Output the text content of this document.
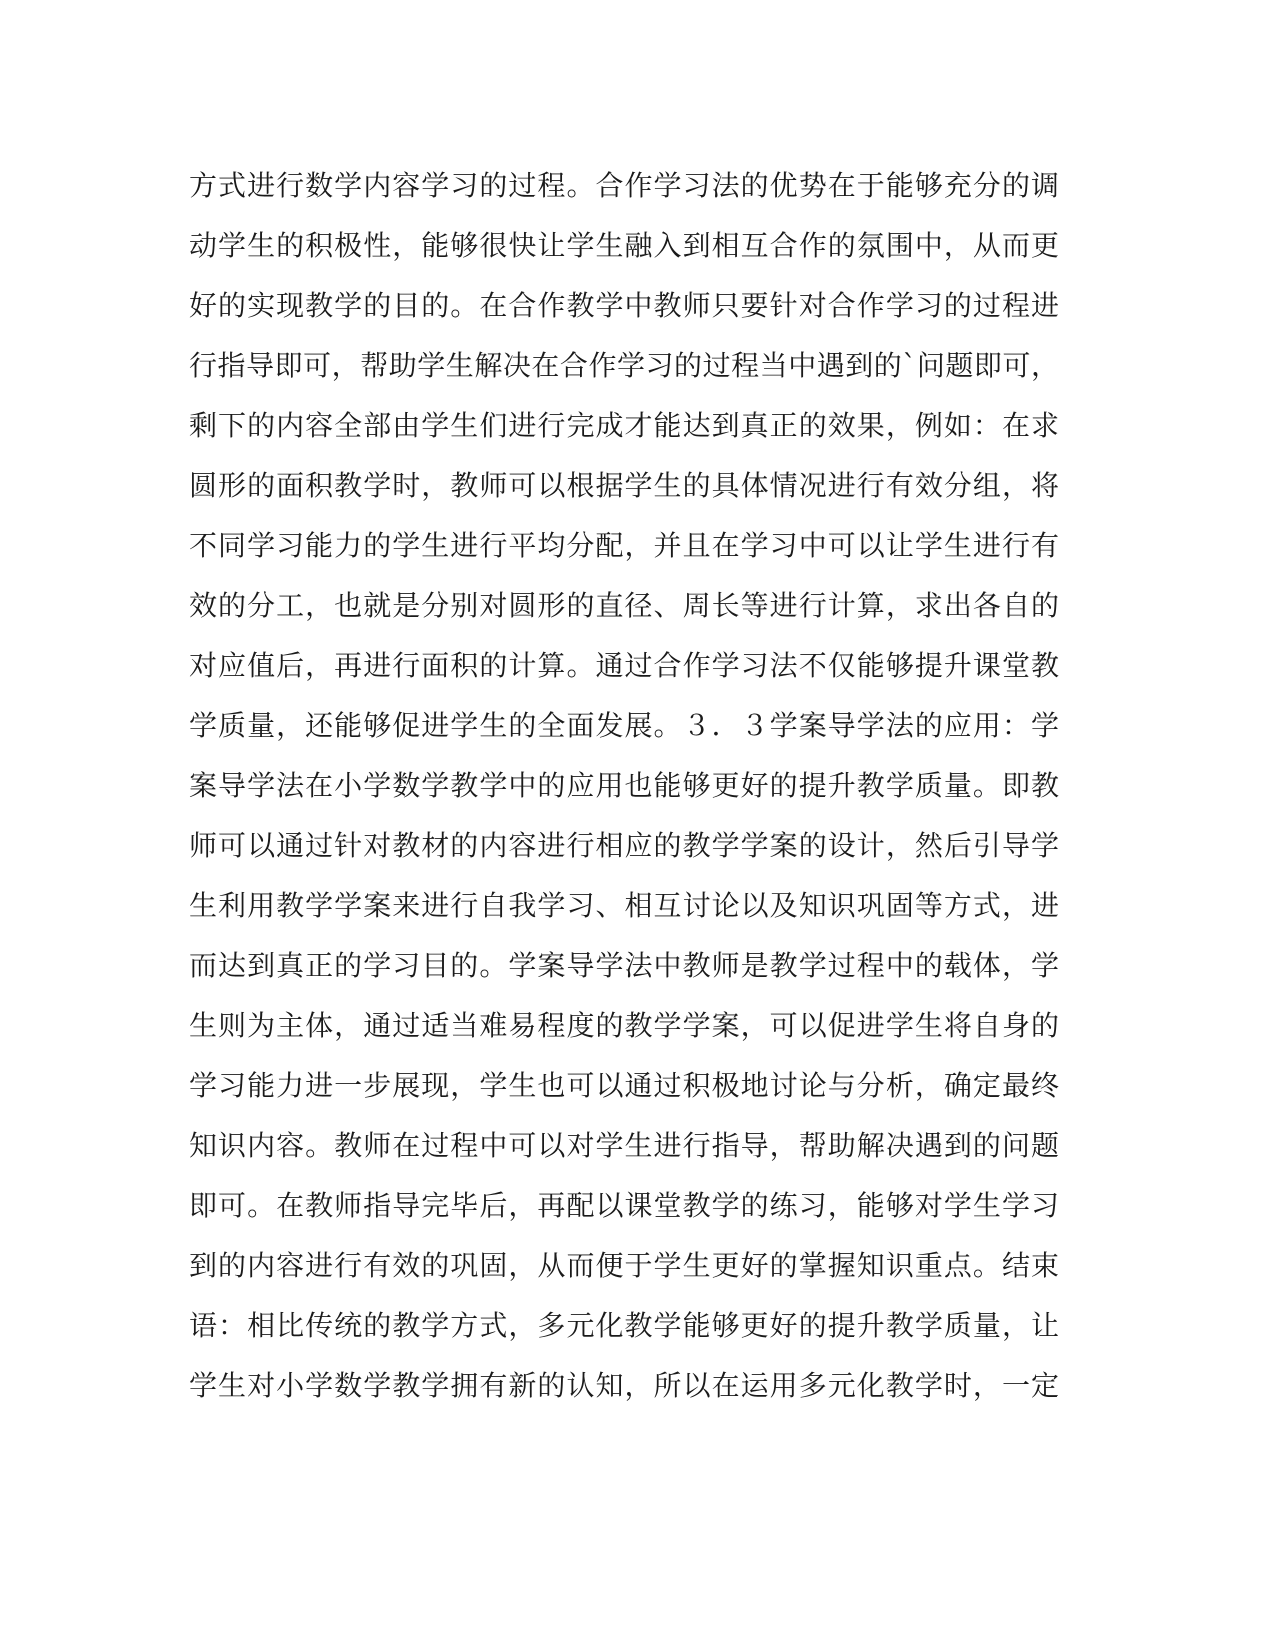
方式进行数学内容学习的过程。合作学习法的优势在于能够充分的调
动学生的积极性，能够很快让学生融入到相互合作的氛围中，从而更
好的实现教学的目的。在合作教学中教师只要针对合作学习的过程进
行指导即可，帮助学生解决在合作学习的过程当中遇到的`问题即可，
剩下的内容全部由学生们进行完成才能达到真正的效果，例如：在求
圆形的面积教学时，教师可以根据学生的具体情况进行有效分组，将
不同学习能力的学生进行平均分配，并且在学习中可以让学生进行有
效的分工，也就是分别对圆形的直径、周长等进行计算，求出各自的
对应值后，再进行面积的计算。通过合作学习法不仅能够提升课堂教
学质量，还能够促进学生的全面发展。３．３学案导学法的应用：学
案导学法在小学数学教学中的应用也能够更好的提升教学质量。即教
师可以通过针对教材的内容进行相应的教学学案的设计，然后引导学
生利用教学学案来进行自我学习、相互讨论以及知识巩固等方式，进
而达到真正的学习目的。学案导学法中教师是教学过程中的载体，学
生则为主体，通过适当难易程度的教学学案，可以促进学生将自身的
学习能力进一步展现，学生也可以通过积极地讨论与分析，确定最终
知识内容。教师在过程中可以对学生进行指导，帮助解决遇到的问题
即可。在教师指导完毕后，再配以课堂教学的练习，能够对学生学习
到的内容进行有效的巩固，从而便于学生更好的掌握知识重点。结束
语：相比传统的教学方式，多元化教学能够更好的提升教学质量，让
学生对小学数学教学拥有新的认知，所以在运用多元化教学时，一定
